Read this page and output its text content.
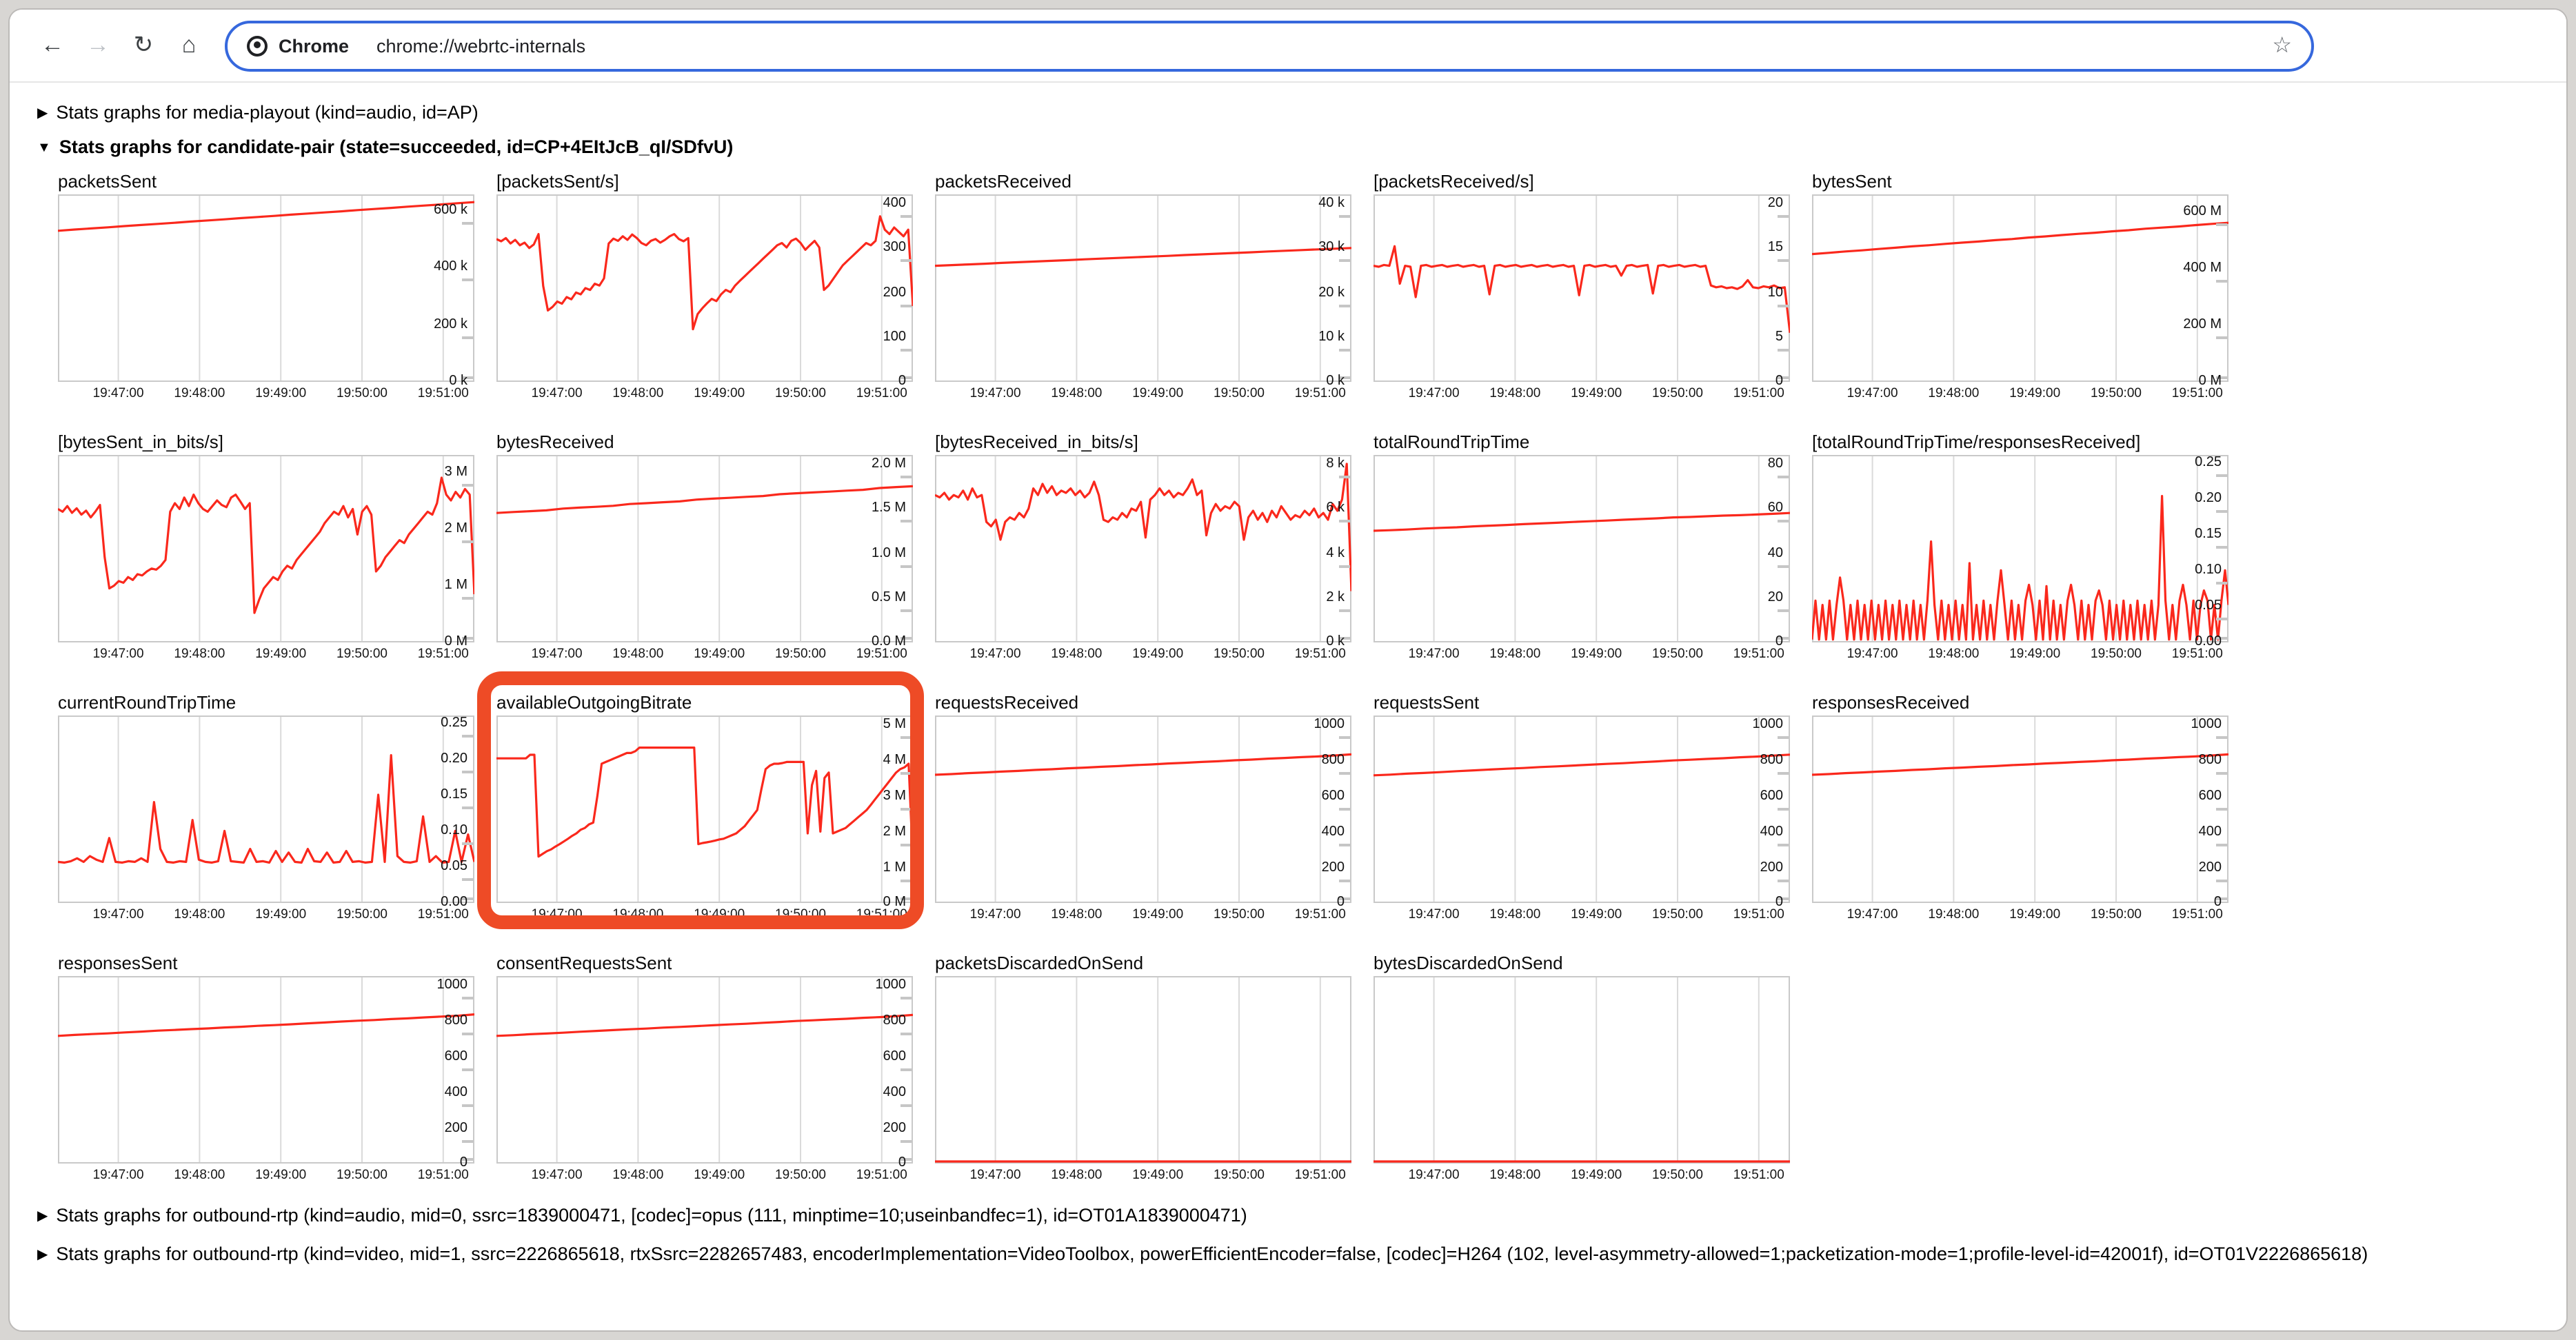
←	→	↻	⌂	Chrome	chrome://webrtc-internals	☆
▶ Stats graphs for media-playout (kind=audio, id=AP)
▼ Stats graphs for candidate-pair (state=succeeded, id=CP+4EItJcB_qI/SDfvU)
packetsSent
600 k
400 k
200 k
0 k
19:47:00	19:48:00	19:49:00	19:50:00	19:51:00
[packetsSent/s]
400
300
200
100
0
19:47:00	19:48:00	19:49:00	19:50:00	19:51:00
packetsReceived
40 k
30 k
20 k
10 k
0 k
19:47:00	19:48:00	19:49:00	19:50:00	19:51:00
[packetsReceived/s]
20
15
10
5
0
19:47:00	19:48:00	19:49:00	19:50:00	19:51:00
bytesSent
600 M
400 M
200 M
0 M
19:47:00	19:48:00	19:49:00	19:50:00	19:51:00
[bytesSent_in_bits/s]
3 M
2 M
1 M
0 M
19:47:00	19:48:00	19:49:00	19:50:00	19:51:00
bytesReceived
2.0 M
1.5 M
1.0 M
0.5 M
0.0 M
19:47:00	19:48:00	19:49:00	19:50:00	19:51:00
[bytesReceived_in_bits/s]
8 k
6 k
4 k
2 k
0 k
19:47:00	19:48:00	19:49:00	19:50:00	19:51:00
totalRoundTripTime
80
60
40
20
0
19:47:00	19:48:00	19:49:00	19:50:00	19:51:00
[totalRoundTripTime/responsesReceived]
0.25
0.20
0.15
0.10
0.05
0.00
19:47:00	19:48:00	19:49:00	19:50:00	19:51:00
currentRoundTripTime
0.25
0.20
0.15
0.10
0.05
0.00
19:47:00	19:48:00	19:49:00	19:50:00	19:51:00
availableOutgoingBitrate
5 M
4 M
3 M
2 M
1 M
0 M
19:47:00	19:48:00	19:49:00	19:50:00	19:51:00
requestsReceived
1000
800
600
400
200
0
19:47:00	19:48:00	19:49:00	19:50:00	19:51:00
requestsSent
1000
800
600
400
200
0
19:47:00	19:48:00	19:49:00	19:50:00	19:51:00
responsesReceived
1000
800
600
400
200
0
19:47:00	19:48:00	19:49:00	19:50:00	19:51:00
responsesSent
1000
800
600
400
200
0
19:47:00	19:48:00	19:49:00	19:50:00	19:51:00
consentRequestsSent
1000
800
600
400
200
0
19:47:00	19:48:00	19:49:00	19:50:00	19:51:00
packetsDiscardedOnSend
19:47:00	19:48:00	19:49:00	19:50:00	19:51:00
bytesDiscardedOnSend
19:47:00	19:48:00	19:49:00	19:50:00	19:51:00
▶ Stats graphs for outbound-rtp (kind=audio, mid=0, ssrc=1839000471, [codec]=opus (111, minptime=10;useinbandfec=1), id=OT01A1839000471)
▶ Stats graphs for outbound-rtp (kind=video, mid=1, ssrc=2226865618, rtxSsrc=2282657483, encoderImplementation=VideoToolbox, powerEfficientEncoder=false, [codec]=H264 (102, level-asymmetry-allowed=1;packetization-mode=1;profile-level-id=42001f), id=OT01V2226865618)
